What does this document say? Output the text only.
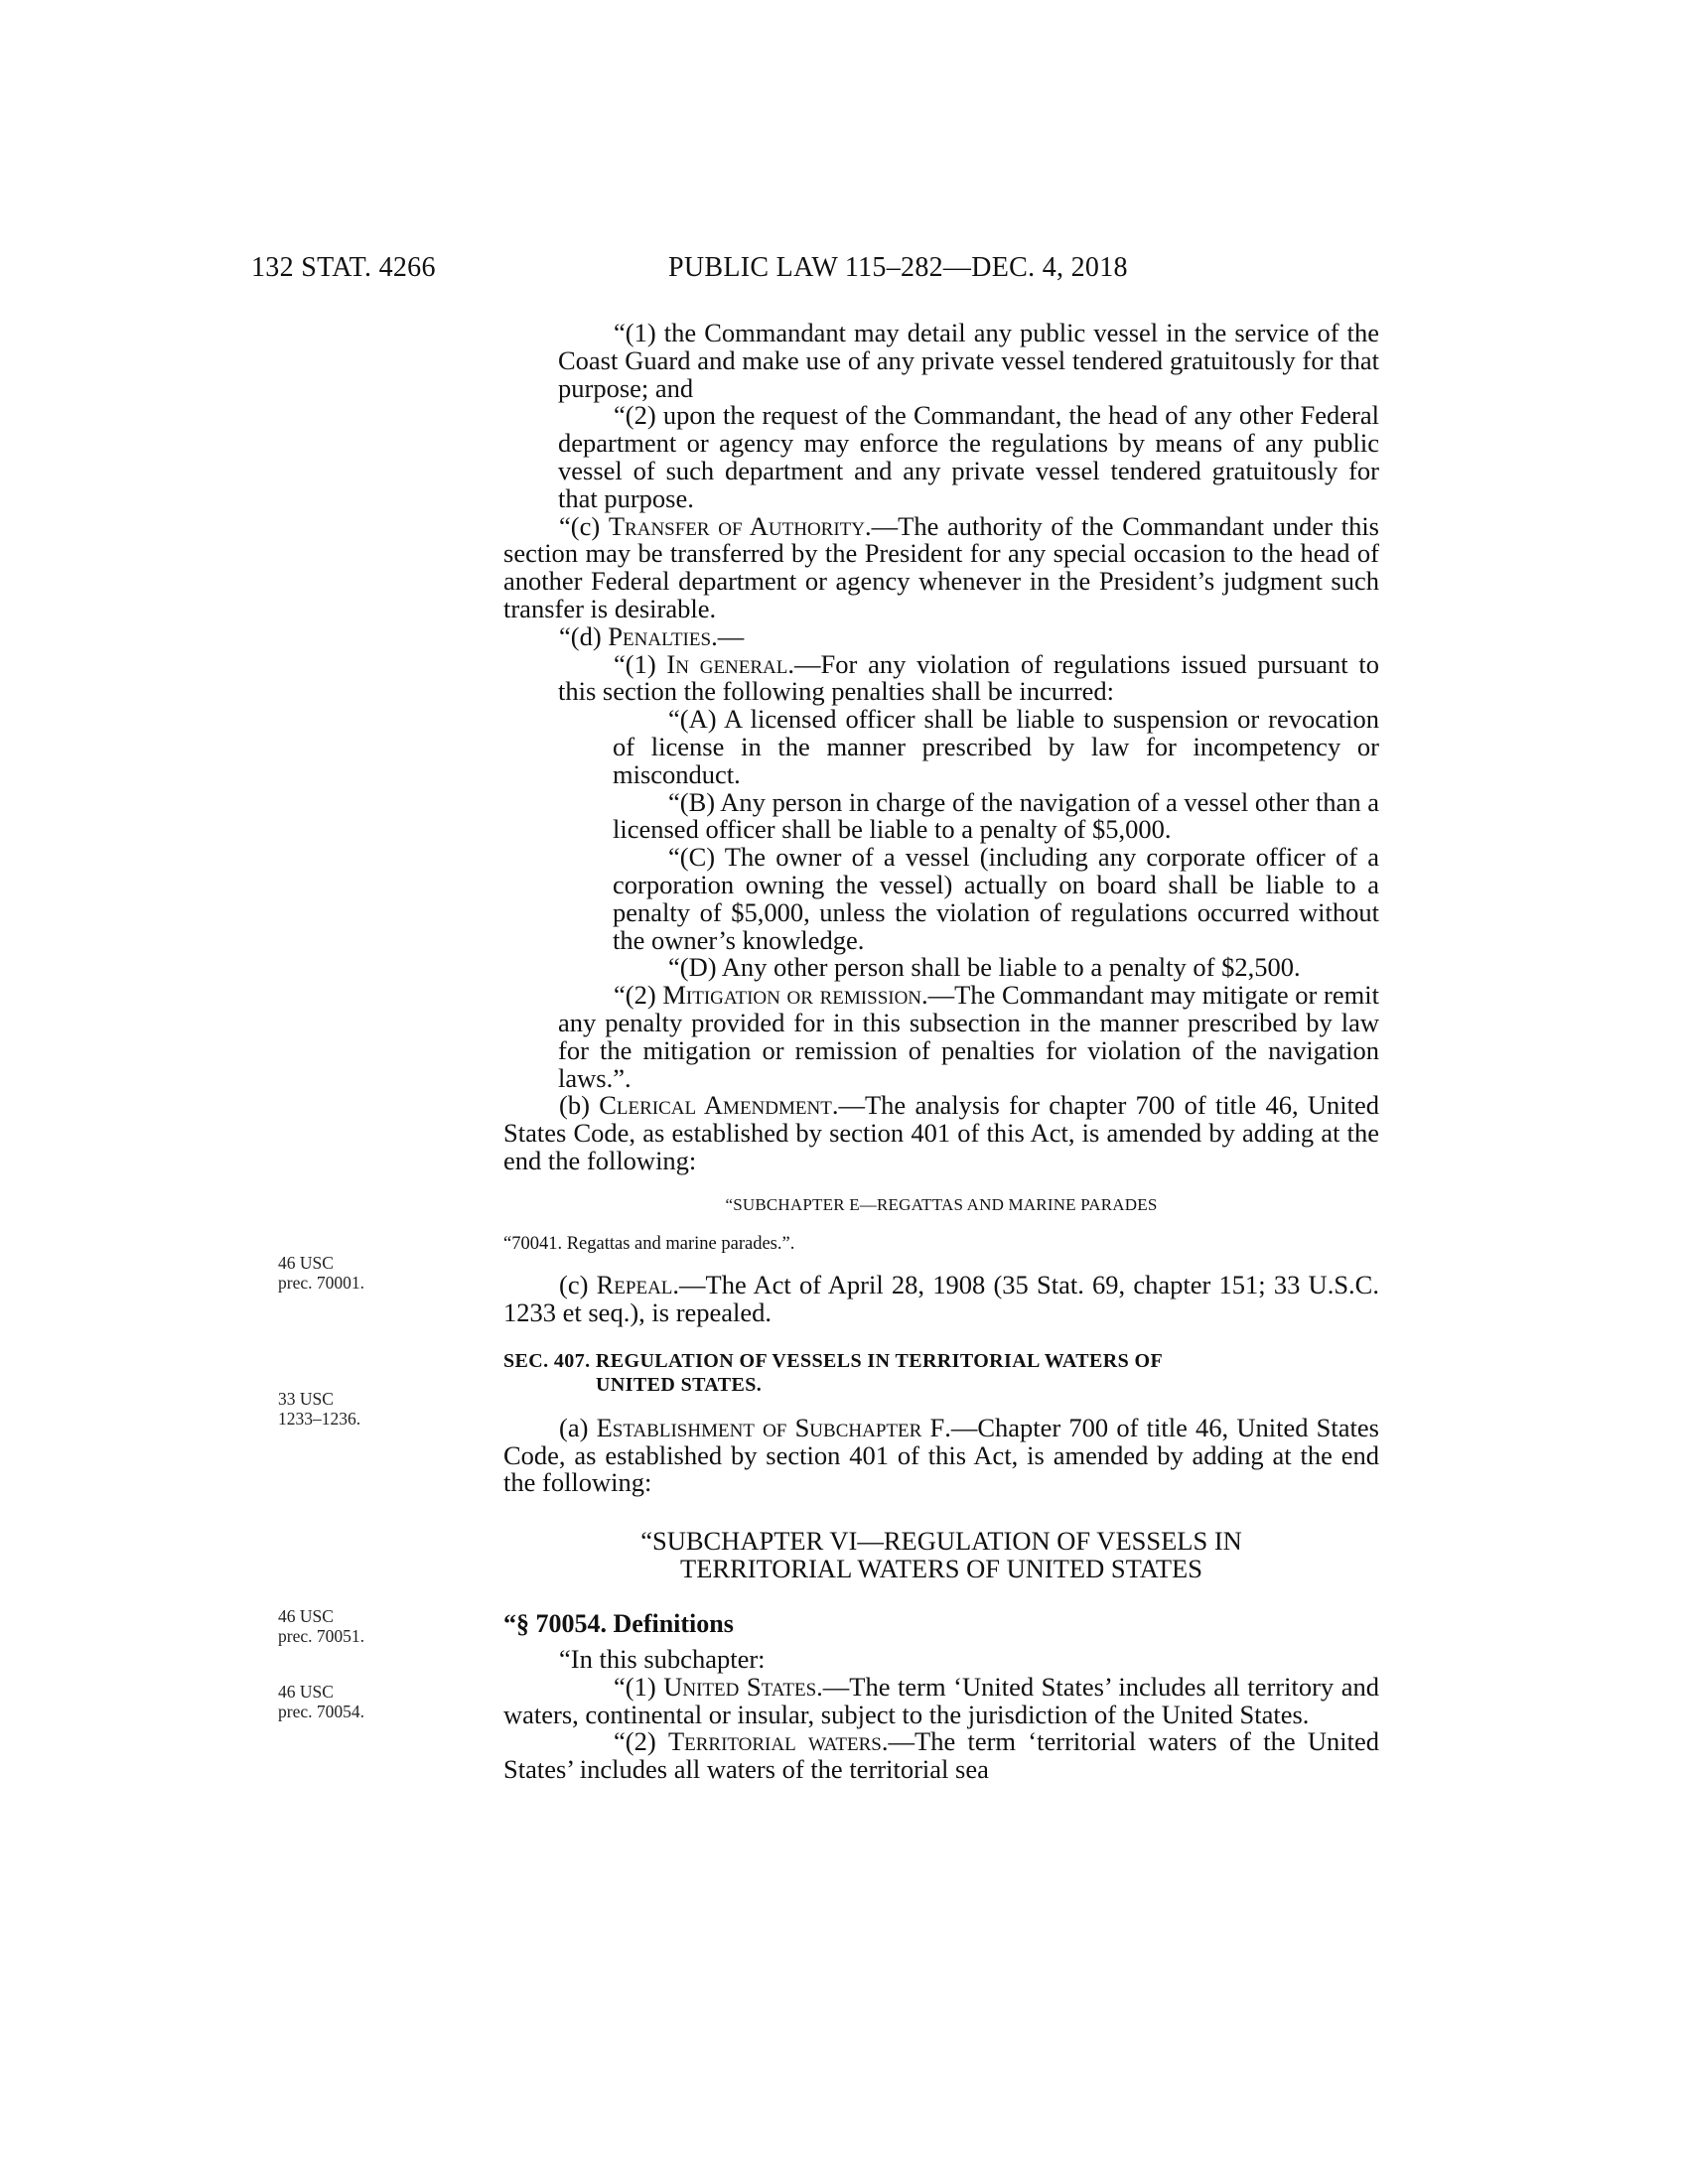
132 STAT. 4266	PUBLIC LAW 115–282—DEC. 4, 2018

“(1) the Commandant may detail any public vessel in the service of the Coast Guard and make use of any private vessel tendered gratuitously for that purpose; and

“(2) upon the request of the Commandant, the head of any other Federal department or agency may enforce the regulations by means of any public vessel of such department and any private vessel tendered gratuitously for that purpose.

“(c) Transfer of Authority.—The authority of the Commandant under this section may be transferred by the President for any special occasion to the head of another Federal department or agency whenever in the President’s judgment such transfer is desirable.

“(d) Penalties.—

“(1) In general.—For any violation of regulations issued pursuant to this section the following penalties shall be incurred:

“(A) A licensed officer shall be liable to suspension or revocation of license in the manner prescribed by law for incompetency or misconduct.

“(B) Any person in charge of the navigation of a vessel other than a licensed officer shall be liable to a penalty of $5,000.

“(C) The owner of a vessel (including any corporate officer of a corporation owning the vessel) actually on board shall be liable to a penalty of $5,000, unless the violation of regulations occurred without the owner’s knowledge.

“(D) Any other person shall be liable to a penalty of $2,500.

“(2) Mitigation or remission.—The Commandant may mitigate or remit any penalty provided for in this subsection in the manner prescribed by law for the mitigation or remission of penalties for violation of the navigation laws.”.

(b) Clerical Amendment.—The analysis for chapter 700 of title 46, United States Code, as established by section 401 of this Act, is amended by adding at the end the following:

“SUBCHAPTER E—REGATTAS AND MARINE PARADES

“70041. Regattas and marine parades.”.

(c) Repeal.—The Act of April 28, 1908 (35 Stat. 69, chapter 151; 33 U.S.C. 1233 et seq.), is repealed.

SEC. 407. REGULATION OF VESSELS IN TERRITORIAL WATERS OF
UNITED STATES.

(a) Establishment of Subchapter F.—Chapter 700 of title 46, United States Code, as established by section 401 of this Act, is amended by adding at the end the following:

“SUBCHAPTER VI—REGULATION OF VESSELS IN
TERRITORIAL WATERS OF UNITED STATES

“§ 70054. Definitions

“In this subchapter:

“(1) United States.—The term ‘United States’ includes all territory and waters, continental or insular, subject to the jurisdiction of the United States.

“(2) Territorial waters.—The term ‘territorial waters of the United States’ includes all waters of the territorial sea

46 USC
prec. 70001.
33 USC
1233–1236.
46 USC
prec. 70051.
46 USC
prec. 70054.
